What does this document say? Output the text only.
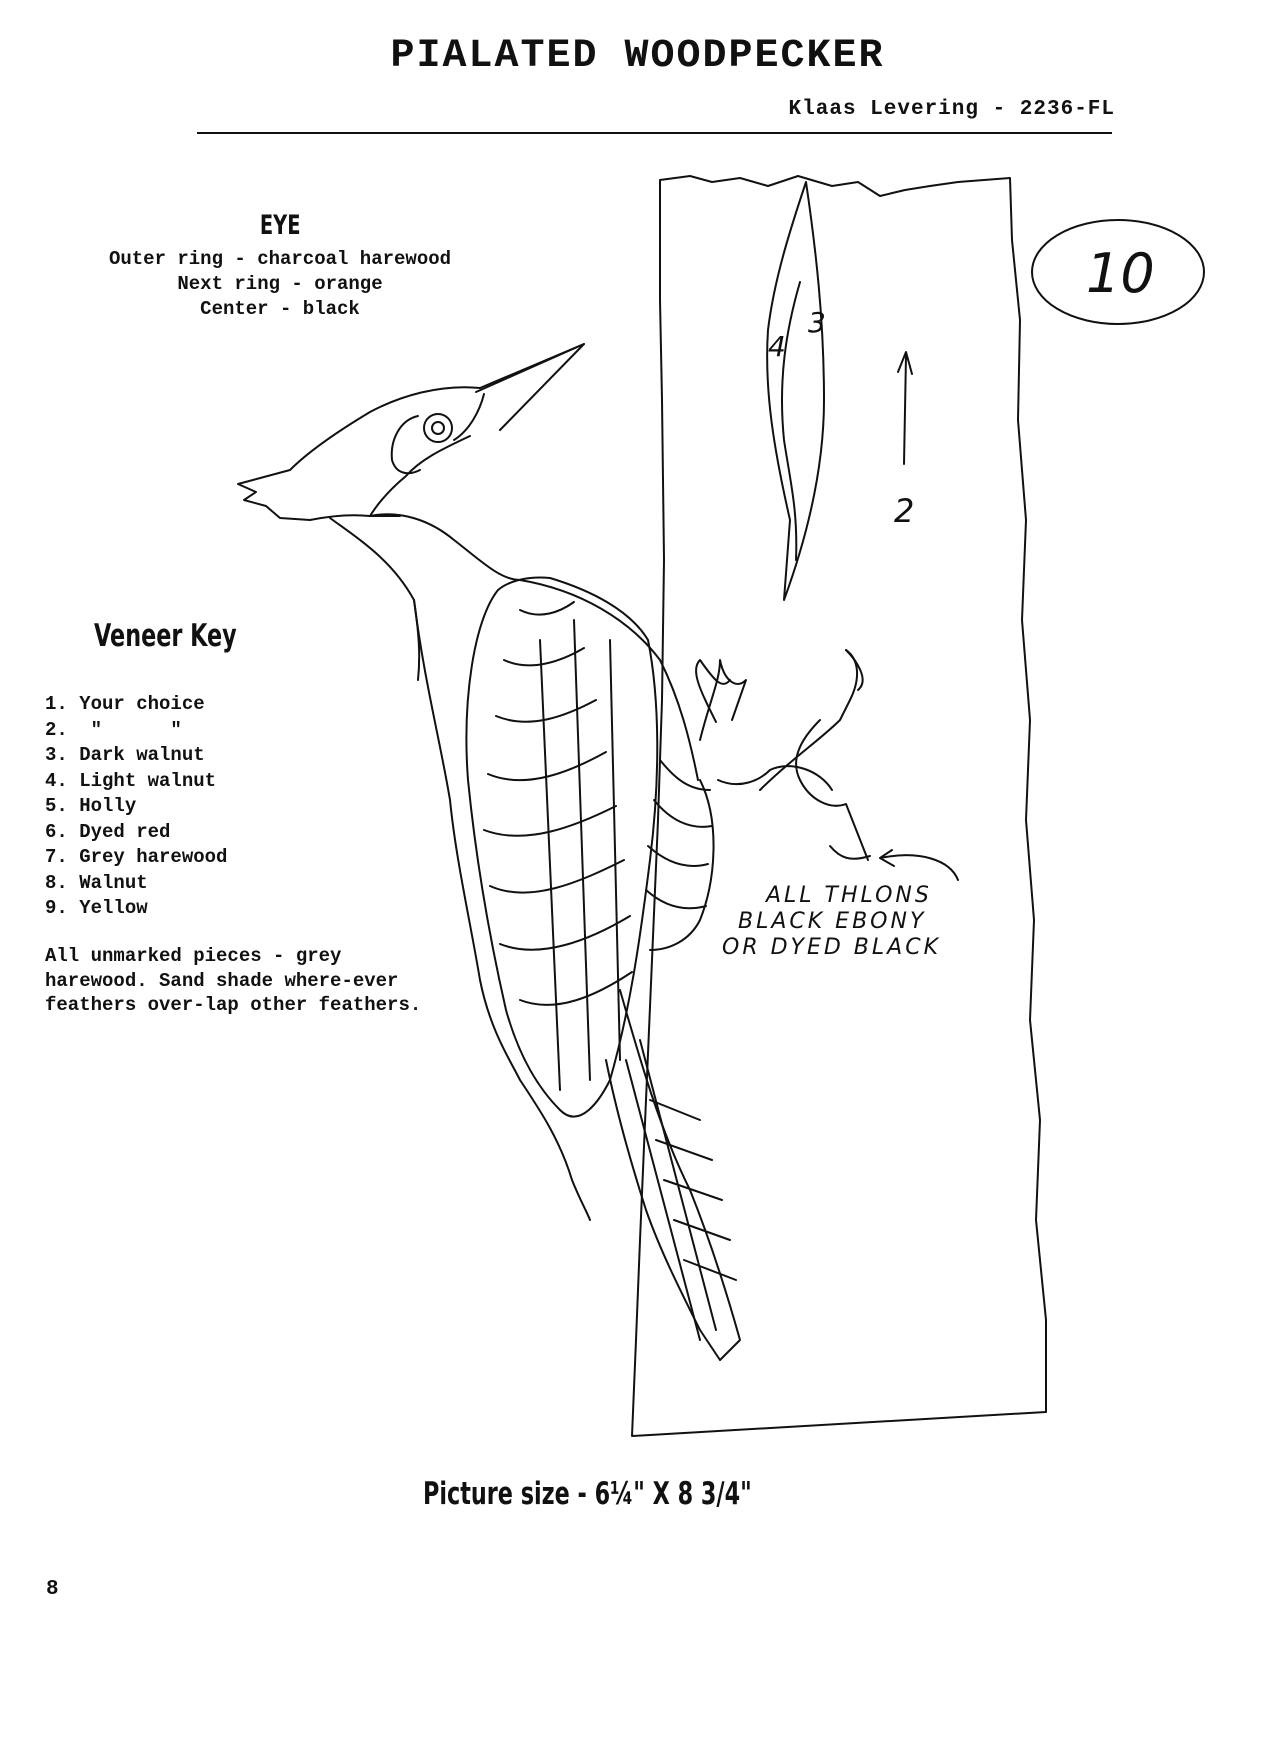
PIALATED WOODPECKER
Klaas Levering - 2236-FL
EYE
Outer ring - charcoal harewood
Next ring - orange
Center - black
Veneer Key
1. Your choice
2.  "      "
3. Dark walnut
4. Light walnut
5. Holly
6. Dyed red
7. Grey harewood
8. Walnut
9. Yellow
All unmarked pieces - grey harewood. Sand shade where-ever feathers over-lap other feathers.
3
4
2
10
ALL THLONS
BLACK EBONY
OR DYED BLACK
Picture size - 6¼" X 8 3/4"
8
